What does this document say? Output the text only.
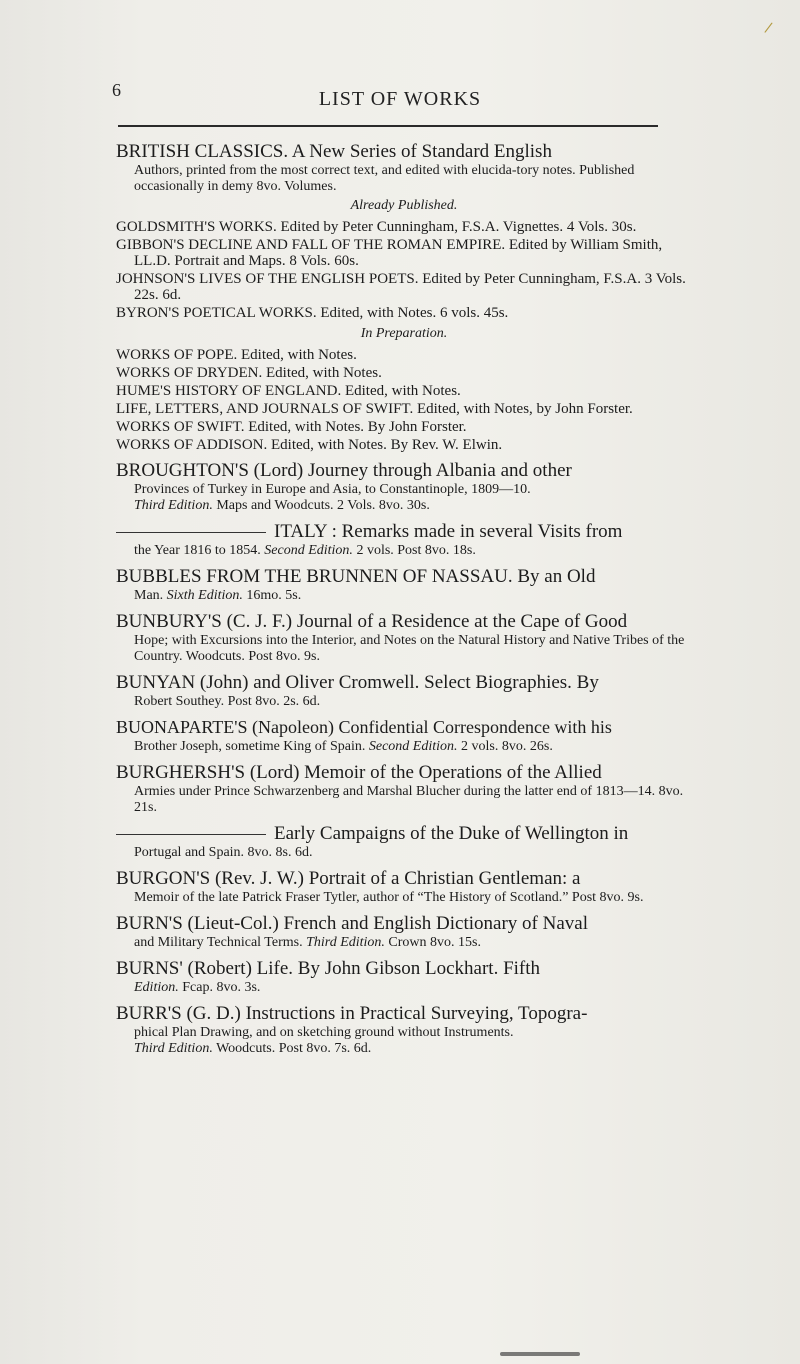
/
6	LIST OF WORKS
BRITISH CLASSICS. A New Series of Standard English
Authors, printed from the most correct text, and edited with elucida-tory notes. Published occasionally in demy 8vo. Volumes.
Already Published.
GOLDSMITH'S WORKS. Edited by Peter Cunningham, F.S.A. Vignettes. 4 Vols. 30s.
GIBBON'S DECLINE AND FALL OF THE ROMAN EMPIRE. Edited by William Smith, LL.D. Portrait and Maps. 8 Vols. 60s.
JOHNSON'S LIVES OF THE ENGLISH POETS. Edited by Peter Cunningham, F.S.A. 3 Vols. 22s. 6d.
BYRON'S POETICAL WORKS. Edited, with Notes. 6 vols. 45s.
In Preparation.
WORKS OF POPE. Edited, with Notes.
WORKS OF DRYDEN. Edited, with Notes.
HUME'S HISTORY OF ENGLAND. Edited, with Notes.
LIFE, LETTERS, AND JOURNALS OF SWIFT. Edited, with Notes, by John Forster.
WORKS OF SWIFT. Edited, with Notes. By John Forster.
WORKS OF ADDISON. Edited, with Notes. By Rev. W. Elwin.
BROUGHTON'S (Lord) Journey through Albania and other
Provinces of Turkey in Europe and Asia, to Constantinople, 1809—10.
Third Edition. Maps and Woodcuts. 2 Vols. 8vo. 30s.
ITALY : Remarks made in several Visits from
the Year 1816 to 1854. Second Edition. 2 vols. Post 8vo. 18s.
BUBBLES FROM THE BRUNNEN OF NASSAU. By an Old
Man. Sixth Edition. 16mo. 5s.
BUNBURY'S (C. J. F.) Journal of a Residence at the Cape of Good
Hope; with Excursions into the Interior, and Notes on the Natural History and Native Tribes of the Country. Woodcuts. Post 8vo. 9s.
BUNYAN (John) and Oliver Cromwell. Select Biographies. By
Robert Southey. Post 8vo. 2s. 6d.
BUONAPARTE'S (Napoleon) Confidential Correspondence with his
Brother Joseph, sometime King of Spain. Second Edition. 2 vols. 8vo. 26s.
BURGHERSH'S (Lord) Memoir of the Operations of the Allied
Armies under Prince Schwarzenberg and Marshal Blucher during the latter end of 1813—14. 8vo. 21s.
Early Campaigns of the Duke of Wellington in
Portugal and Spain. 8vo. 8s. 6d.
BURGON'S (Rev. J. W.) Portrait of a Christian Gentleman: a
Memoir of the late Patrick Fraser Tytler, author of “The History of Scotland.” Post 8vo. 9s.
BURN'S (Lieut-Col.) French and English Dictionary of Naval
and Military Technical Terms. Third Edition. Crown 8vo. 15s.
BURNS' (Robert) Life. By John Gibson Lockhart. Fifth
Edition. Fcap. 8vo. 3s.
BURR'S (G. D.) Instructions in Practical Surveying, Topogra-
phical Plan Drawing, and on sketching ground without Instruments.
Third Edition. Woodcuts. Post 8vo. 7s. 6d.
